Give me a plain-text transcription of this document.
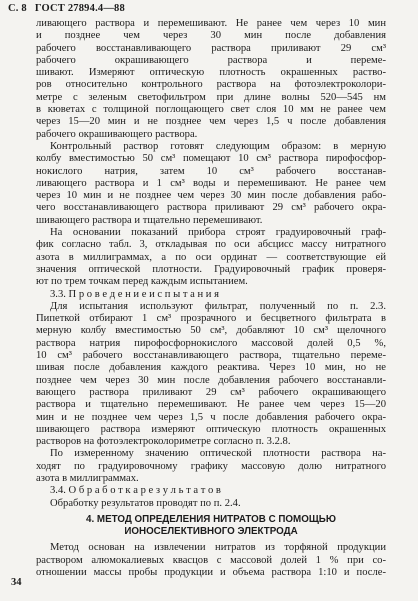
С. 8 ГОСТ 27894.4—88
ливающего раствора и перемешивают. Не ранее чем через 10 мин
и позднее чем через 30 мин после добавления
рабочего восстанавливающего раствора приливают 29 см³
рабочего окрашивающего раствора и переме-
шивают. Измеряют оптическую плотность окрашенных раство-
ров относительно контрольного раствора на фотоэлектроколори-
метре с зеленым светофильтром при длине волны 520—545 нм
в кюветах с толщиной поглощающего свет слоя 10 мм не ранее чем
через 15—20 мин и не позднее чем через 1,5 ч после добавления
рабочего окрашивающего раствора.
Контрольный раствор готовят следующим образом: в мерную
колбу вместимостью 50 см³ помещают 10 см³ раствора пирофосфор-
нокислого натрия, затем 10 см³ рабочего восстанав-
ливающего раствора и 1 см³ воды и перемешивают. Не ранее чем
через 10 мин и не позднее чем через 30 мин после добавления рабо-
чего восстанавливающего раствора приливают 29 см³ рабочего окра-
шивающего раствора и тщательно перемешивают.
На основании показаний прибора строят градуировочный граф-
фик согласно табл. 3, откладывая по оси абсцисс массу нитратного
азота в миллиграммах, а по оси ординат — соответствующие ей
значения оптической плотности. Градуировочный график проверя-
ют по трем точкам перед каждым испытанием.
3.3. П р о в е д е н и е и с п ы т а н и я
Для испытания используют фильтрат, полученный по п. 2.3.
Пипеткой отбирают 1 см³ прозрачного и бесцветного фильтрата в
мерную колбу вместимостью 50 см³, добавляют 10 см³ щелочного
раствора натрия пирофосфорнокислого массовой долей 0,5 %,
10 см³ рабочего восстанавливающего раствора, тщательно переме-
шивая после добавления каждого реактива. Через 10 мин, но не
позднее чем через 30 мин после добавления рабочего восстанавли-
вающего раствора приливают 29 см³ рабочего окрашивающего
раствора и тщательно перемешивают. Не ранее чем через 15—20
мин и не позднее чем через 1,5 ч после добавления рабочего окра-
шивающего раствора измеряют оптическую плотность окрашенных
растворов на фотоэлектроколориметре согласно п. 3.2.8.
По измеренному значению оптической плотности раствора на-
ходят по градуировочному графику массовую долю нитратного
азота в миллиграммах.
3.4. О б р а б о т к а р е з у л ь т а т о в
Обработку результатов проводят по п. 2.4.
4. МЕТОД ОПРЕДЕЛЕНИЯ НИТРАТОВ С ПОМОЩЬЮ
ИОНОСЕЛЕКТИВНОГО ЭЛЕКТРОДА
Метод основан на извлечении нитратов из торфяной продукции
раствором алюмокалиевых квасцов с массовой долей 1 % при со-
отношении массы пробы продукции и объема раствора 1:10 и после-
34
